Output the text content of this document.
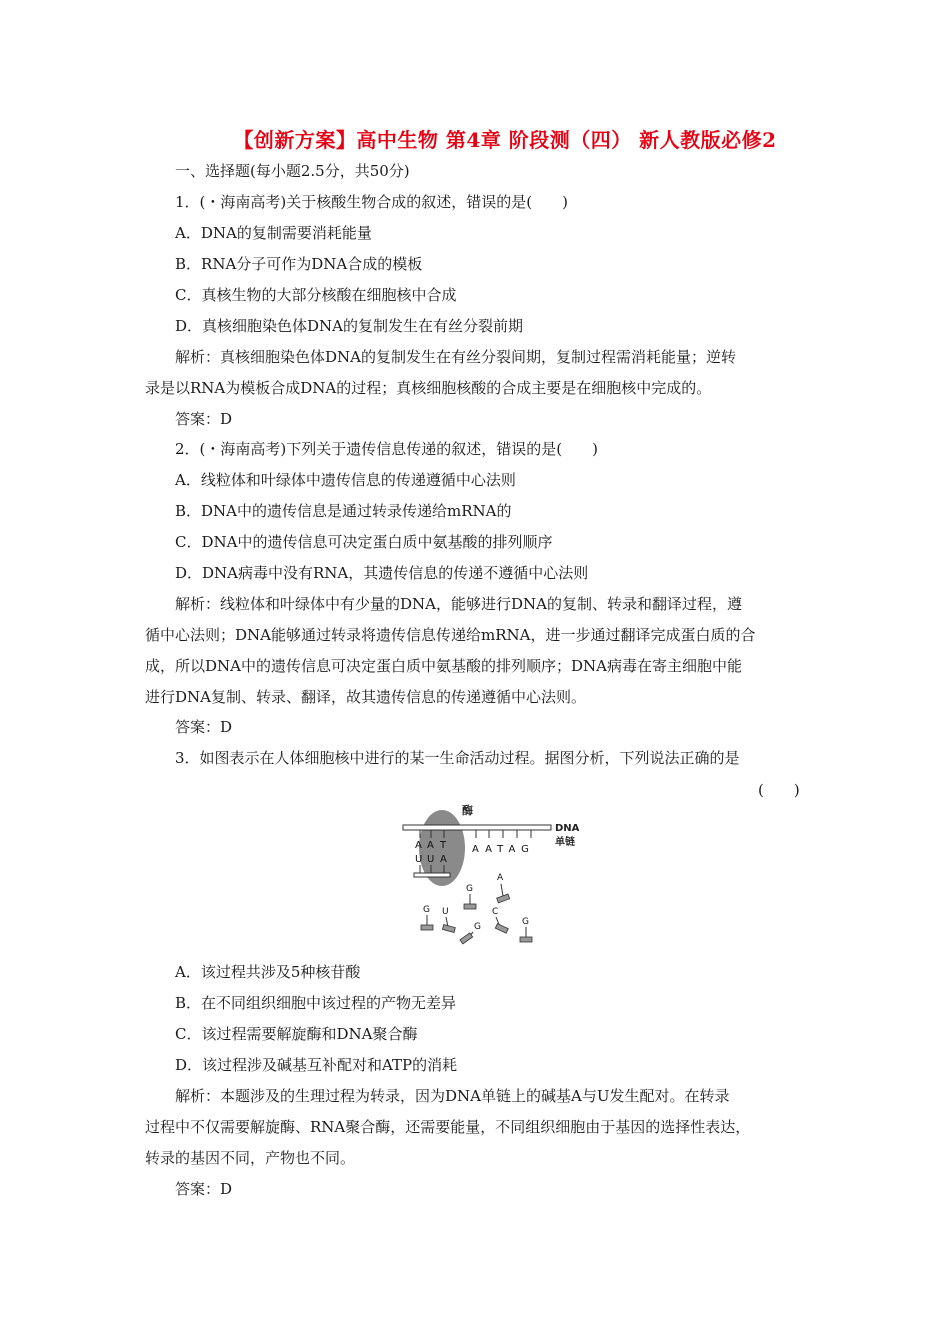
【创新方案】高中生物 第4章 阶段测（四） 新人教版必修2
一、选择题(每小题2.5分，共50分)
1．(・海南高考)关于核酸生物合成的叙述，错误的是(　　)
A．DNA的复制需要消耗能量
B．RNA分子可作为DNA合成的模板
C．真核生物的大部分核酸在细胞核中合成
D．真核细胞染色体DNA的复制发生在有丝分裂前期
解析：真核细胞染色体DNA的复制发生在有丝分裂间期，复制过程需消耗能量；逆转
录是以RNA为模板合成DNA的过程；真核细胞核酸的合成主要是在细胞核中完成的。
答案：D
2．(・海南高考)下列关于遗传信息传递的叙述，错误的是(　　)
A．线粒体和叶绿体中遗传信息的传递遵循中心法则
B．DNA中的遗传信息是通过转录传递给mRNA的
C．DNA中的遗传信息可决定蛋白质中氨基酸的排列顺序
D．DNA病毒中没有RNA，其遗传信息的传递不遵循中心法则
解析：线粒体和叶绿体中有少量的DNA，能够进行DNA的复制、转录和翻译过程，遵
循中心法则；DNA能够通过转录将遗传信息传递给mRNA，进一步通过翻译完成蛋白质的合
成，所以DNA中的遗传信息可决定蛋白质中氨基酸的排列顺序；DNA病毒在寄主细胞中能
进行DNA复制、转录、翻译，故其遗传信息的传递遵循中心法则。
答案：D
3．如图表示在人体细胞核中进行的某一生命活动过程。据图分析，下列说法正确的是
(　　)
酶
DNA
单链
A A T
U U A
AATAG
A
G
G U	C
G	G
A．该过程共涉及5种核苷酸
B．在不同组织细胞中该过程的产物无差异
C．该过程需要解旋酶和DNA聚合酶
D．该过程涉及碱基互补配对和ATP的消耗
解析：本题涉及的生理过程为转录，因为DNA单链上的碱基A与U发生配对。在转录
过程中不仅需要解旋酶、RNA聚合酶，还需要能量，不同组织细胞由于基因的选择性表达，
转录的基因不同，产物也不同。
答案：D
